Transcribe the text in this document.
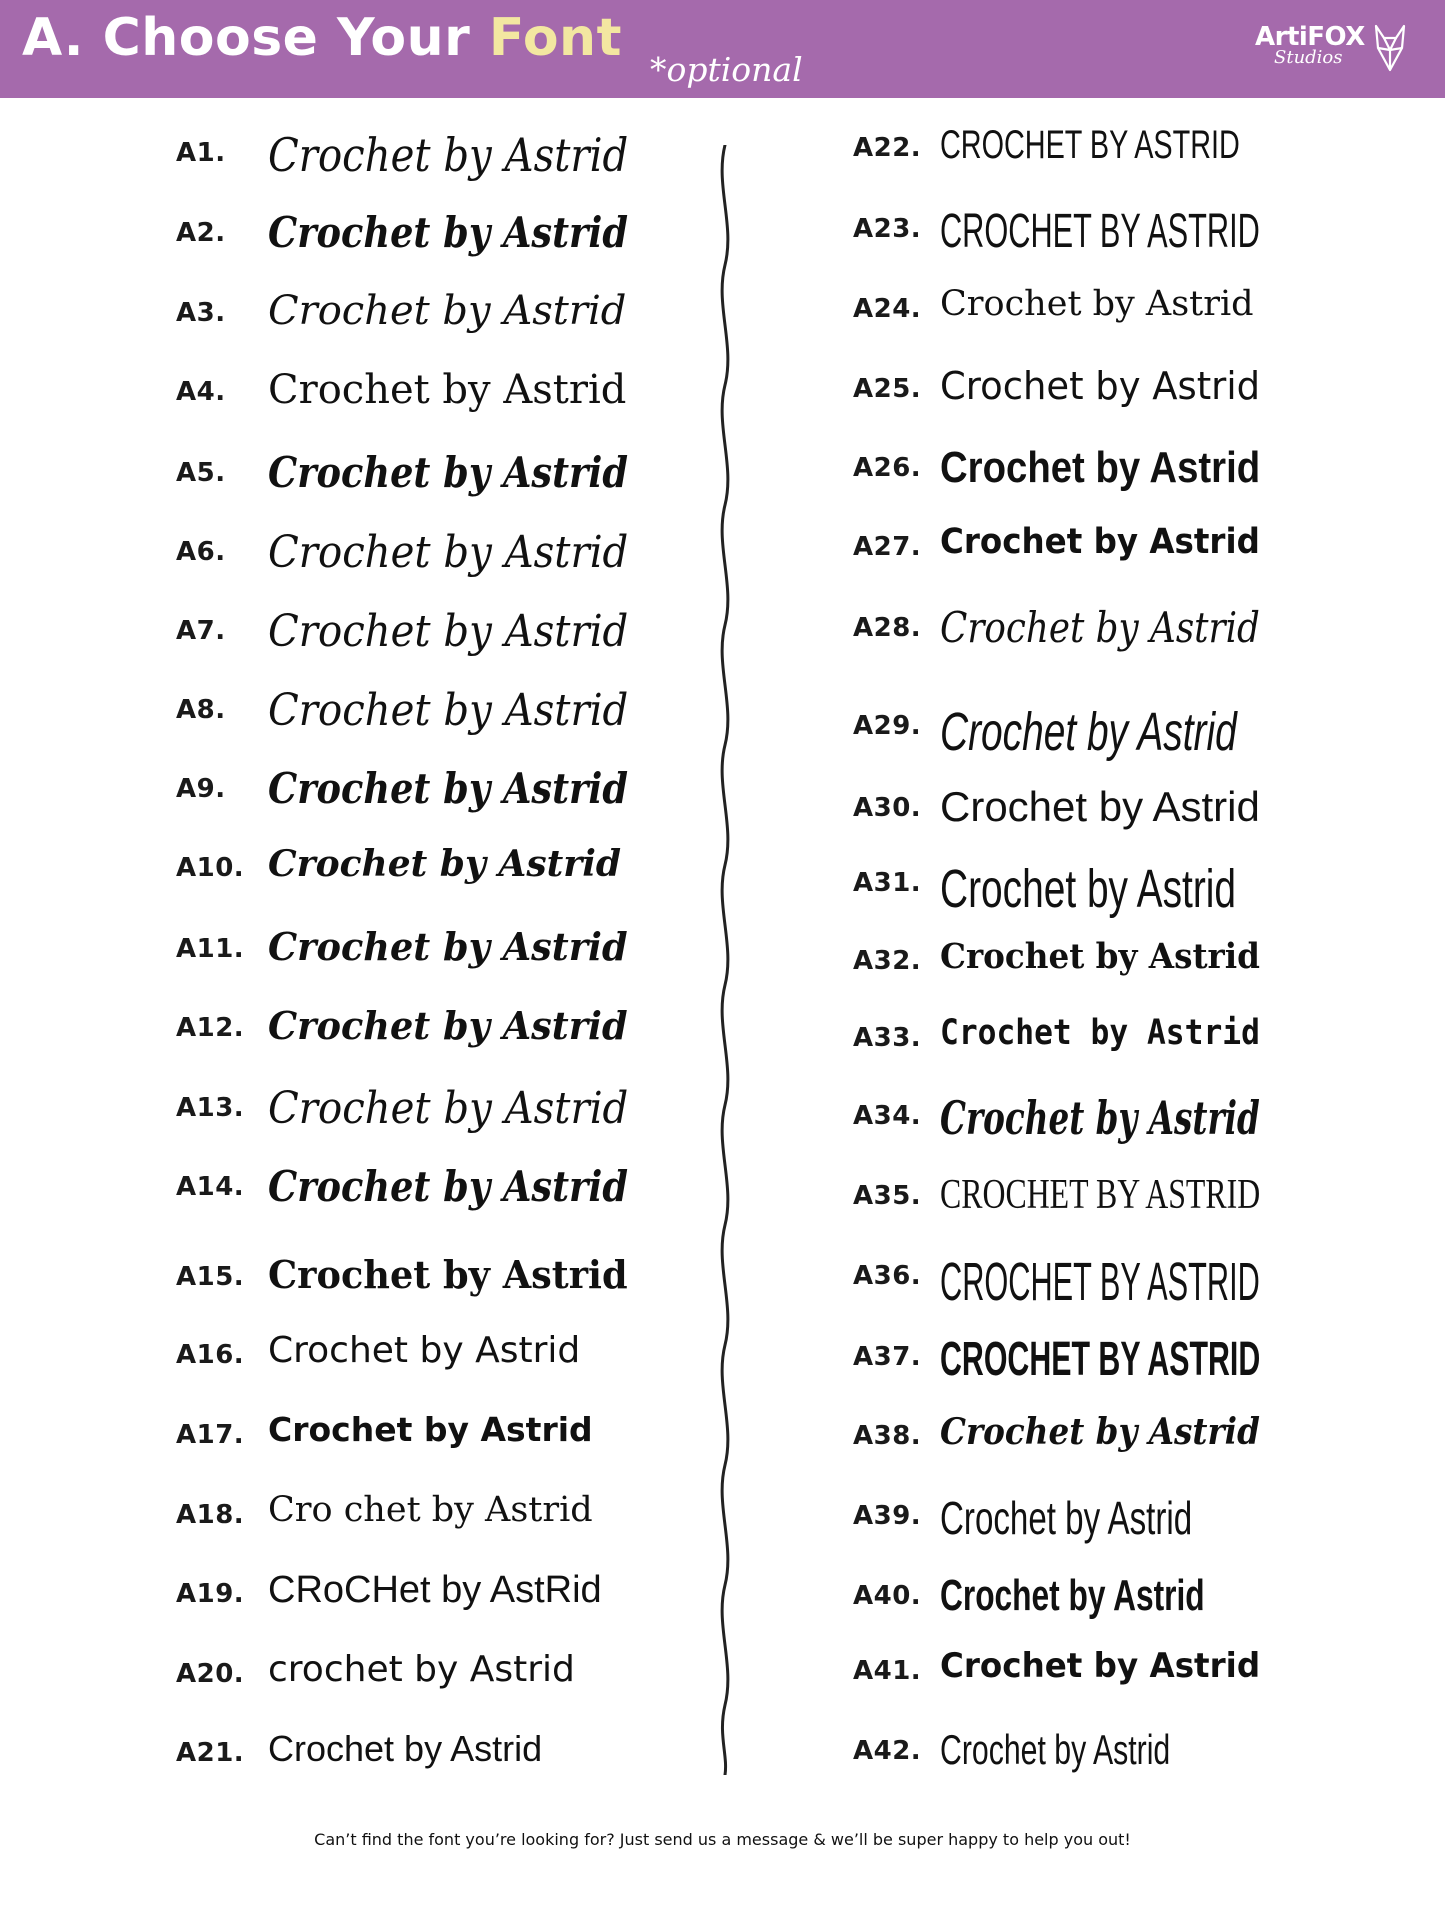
A. Choose Your Font
*optional
ArtiFOX
Studios
A1. Crochet by Astrid
A2. Crochet by Astrid
A3. Crochet by Astrid
A4. Crochet by Astrid
A5. Crochet by Astrid
A6. Crochet by Astrid
A7. Crochet by Astrid
A8. Crochet by Astrid
A9. Crochet by Astrid
A10. Crochet by Astrid
A11. Crochet by Astrid
A12. Crochet by Astrid
A13. Crochet by Astrid
A14. Crochet by Astrid
A15. Crochet by Astrid
A16. Crochet by Astrid
A17. Crochet by Astrid
A18. Cro chet by Astrid
A19. CRoCHet by AstRid
A20. crochet by Astrid
A21. Crochet by Astrid
A22. CROCHET BY ASTRID
A23. CROCHET BY ASTRID
A24. Crochet by Astrid
A25. Crochet by Astrid
A26. Crochet by Astrid
A27. Crochet by Astrid
A28. Crochet by Astrid
A29. Crochet by Astrid
A30. Crochet by Astrid
A31. Crochet by Astrid
A32. Crochet by Astrid
A33. Crochet by Astrid
A34. Crochet by Astrid
A35. CROCHET BY ASTRID
A36. CROCHET BY ASTRID
A37. CROCHET BY ASTRID
A38. Crochet by Astrid
A39. Crochet by Astrid
A40. Crochet by Astrid
A41. Crochet by Astrid
A42. Crochet by Astrid
Can’t find the font you’re looking for? Just send us a message & we’ll be super happy to help you out!
